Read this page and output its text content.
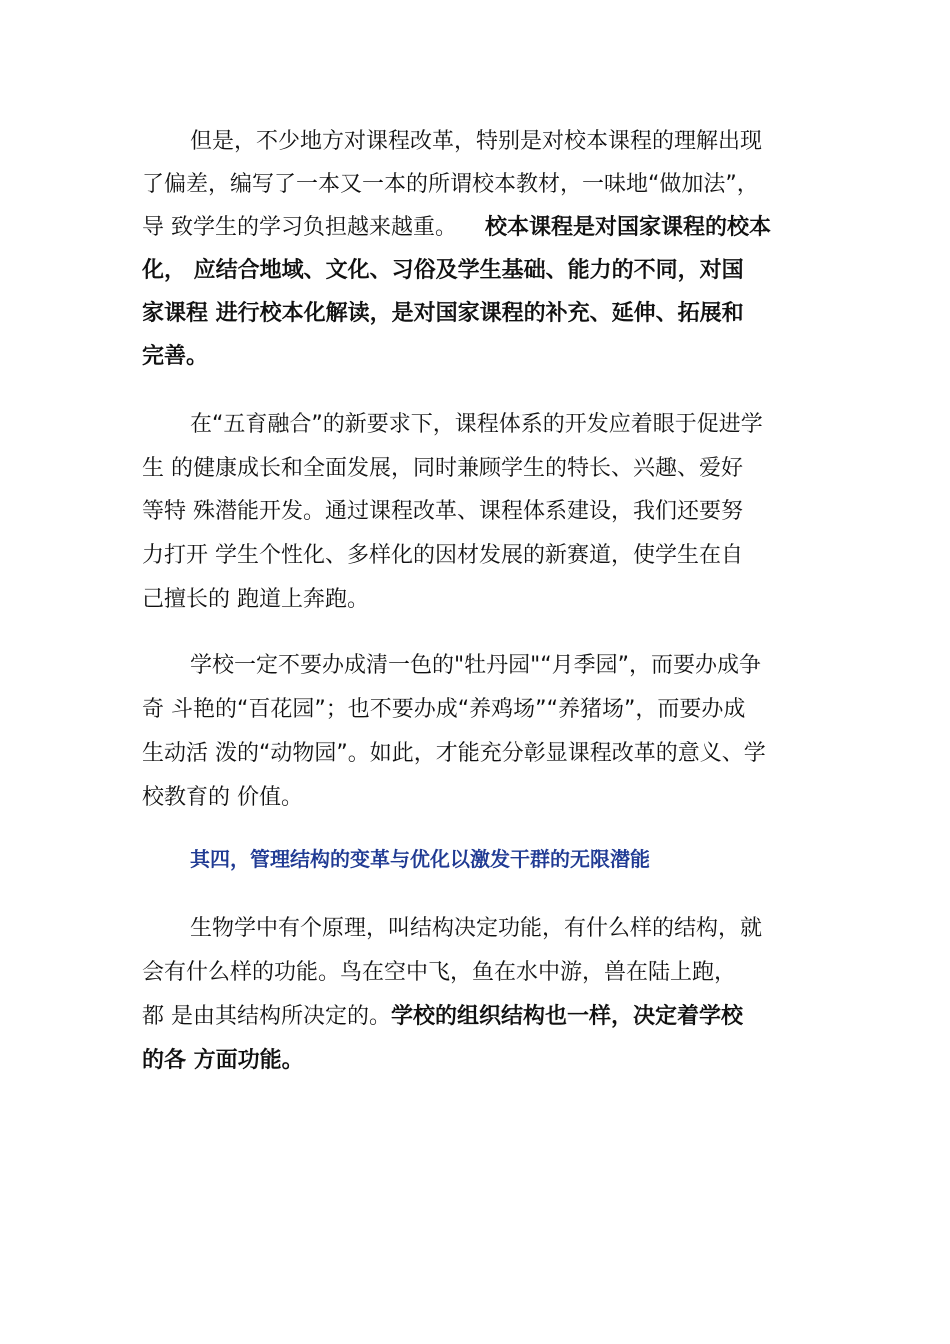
但是，不少地方对课程改革，特别是对校本课程的理解出现
了偏差，编写了一本又一本的所谓校本教材，一味地“做加法”，
导 致学生的学习负担越来越重。 校本课程是对国家课程的校本
化， 应结合地域、文化、习俗及学生基础、能力的不同，对国
家课程 进行校本化解读，是对国家课程的补充、延伸、拓展和
完善。
在“五育融合”的新要求下，课程体系的开发应着眼于促进学
生 的健康成长和全面发展，同时兼顾学生的特长、兴趣、爱好
等特 殊潜能开发。通过课程改革、课程体系建设，我们还要努
力打开 学生个性化、多样化的因材发展的新赛道，使学生在自
己擅长的 跑道上奔跑。
学校一定不要办成清一色的"牡丹园"“月季园”，而要办成争
奇 斗艳的“百花园”；也不要办成“养鸡场”“养猪场”，而要办成
生动活 泼的“动物园”。如此，才能充分彰显课程改革的意义、学
校教育的 价值。
其四，管理结构的变革与优化以激发干群的无限潜能
生物学中有个原理，叫结构决定功能，有什么样的结构，就
会有什么样的功能。鸟在空中飞，鱼在水中游，兽在陆上跑，
都 是由其结构所决定的。学校的组织结构也一样，决定着学校
的各 方面功能。
